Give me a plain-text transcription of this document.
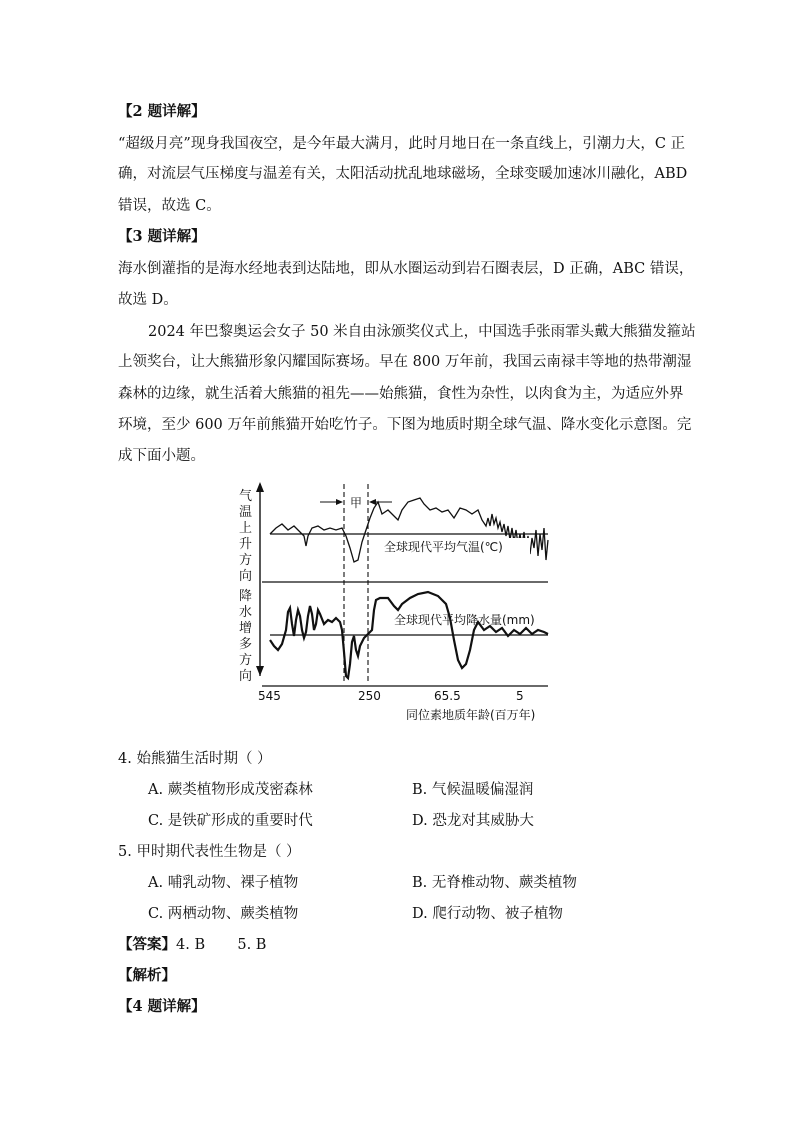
【2 题详解】
“超级月亮”现身我国夜空，是今年最大满月，此时月地日在一条直线上，引潮力大，C 正
确，对流层气压梯度与温差有关，太阳活动扰乱地球磁场，全球变暖加速冰川融化，ABD
错误，故选 C。
【3 题详解】
海水倒灌指的是海水经地表到达陆地，即从水圈运动到岩石圈表层，D 正确，ABC 错误，
故选 D。
2024 年巴黎奥运会女子 50 米自由泳颁奖仪式上，中国选手张雨霏头戴大熊猫发箍站
上领奖台，让大熊猫形象闪耀国际赛场。早在 800 万年前，我国云南禄丰等地的热带潮湿
森林的边缘，就生活着大熊猫的祖先——始熊猫，食性为杂性，以肉食为主，为适应外界
环境，至少 600 万年前熊猫开始吃竹子。下图为地质时期全球气温、降水变化示意图。完
成下面小题。
气
温
上
升
方
向
降
水
增
多
方
向
甲
全球现代平均气温(℃)
全球现代平均降水量(mm)
545	250	65.5	5
同位素地质年龄(百万年)
4. 始熊猫生活时期（ ）
A. 蕨类植物形成茂密森林	B. 气候温暖偏湿润
C. 是铁矿形成的重要时代	D. 恐龙对其威胁大
5. 甲时期代表性生物是（ ）
A. 哺乳动物、裸子植物	B. 无脊椎动物、蕨类植物
C. 两栖动物、蕨类植物	D. 爬行动物、被子植物
【答案】4. B       5. B
【解析】
【4 题详解】
